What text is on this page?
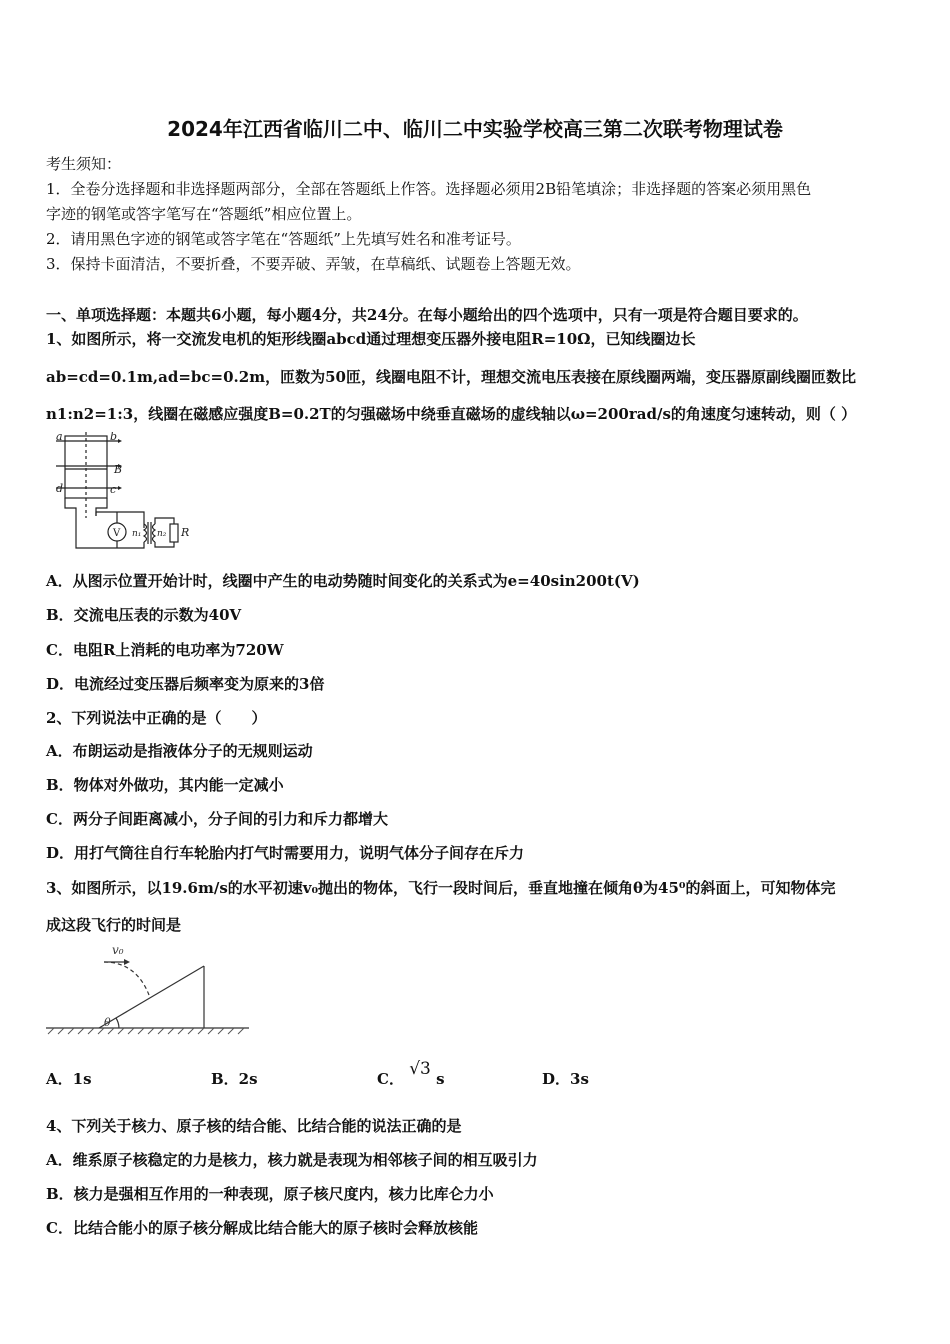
2024年江西省临川二中、临川二中实验学校高三第二次联考物理试卷
考生须知：
1．全卷分选择题和非选择题两部分，全部在答题纸上作答。选择题必须用2B铅笔填涂；非选择题的答案必须用黑色
字迹的钢笔或答字笔写在“答题纸”相应位置上。
2．请用黑色字迹的钢笔或答字笔在“答题纸”上先填写姓名和准考证号。
3．保持卡面清洁，不要折叠，不要弄破、弄皱，在草稿纸、试题卷上答题无效。
一、单项选择题：本题共6小题，每小题4分，共24分。在每小题给出的四个选项中，只有一项是符合题目要求的。
1、如图所示，将一交流发电机的矩形线圈abcd通过理想变压器外接电阻R=10Ω，已知线圈边长
ab=cd=0.1m,ad=bc=0.2m，匝数为50匝，线圈电阻不计，理想交流电压表接在原线圈两端，变压器原副线圈匝数比
n1:n2=1:3，线圈在磁感应强度B=0.2T的匀强磁场中绕垂直磁场的虚线轴以ω=200rad/s的角速度匀速转动，则（ ）
a	b
B
d	c
V n₁ n₂ R
A．从图示位置开始计时，线圈中产生的电动势随时间变化的关系式为e=40sin200t(V)
B．交流电压表的示数为40V
C．电阻R上消耗的电功率为720W
D．电流经过变压器后频率变为原来的3倍
2、下列说法中正确的是（　　）
A．布朗运动是指液体分子的无规则运动
B．物体对外做功，其内能一定减小
C．两分子间距离减小，分子间的引力和斥力都增大
D．用打气筒往自行车轮胎内打气时需要用力，说明气体分子间存在斥力
3、如图所示，以19.6m/s的水平初速v₀抛出的物体，飞行一段时间后，垂直地撞在倾角θ为45⁰的斜面上，可知物体完
成这段飞行的时间是
v₀
θ
A．1s	B．2s	C． √3 s	D．3s
4、下列关于核力、原子核的结合能、比结合能的说法正确的是
A．维系原子核稳定的力是核力，核力就是表现为相邻核子间的相互吸引力
B．核力是强相互作用的一种表现，原子核尺度内，核力比库仑力小
C．比结合能小的原子核分解成比结合能大的原子核时会释放核能
